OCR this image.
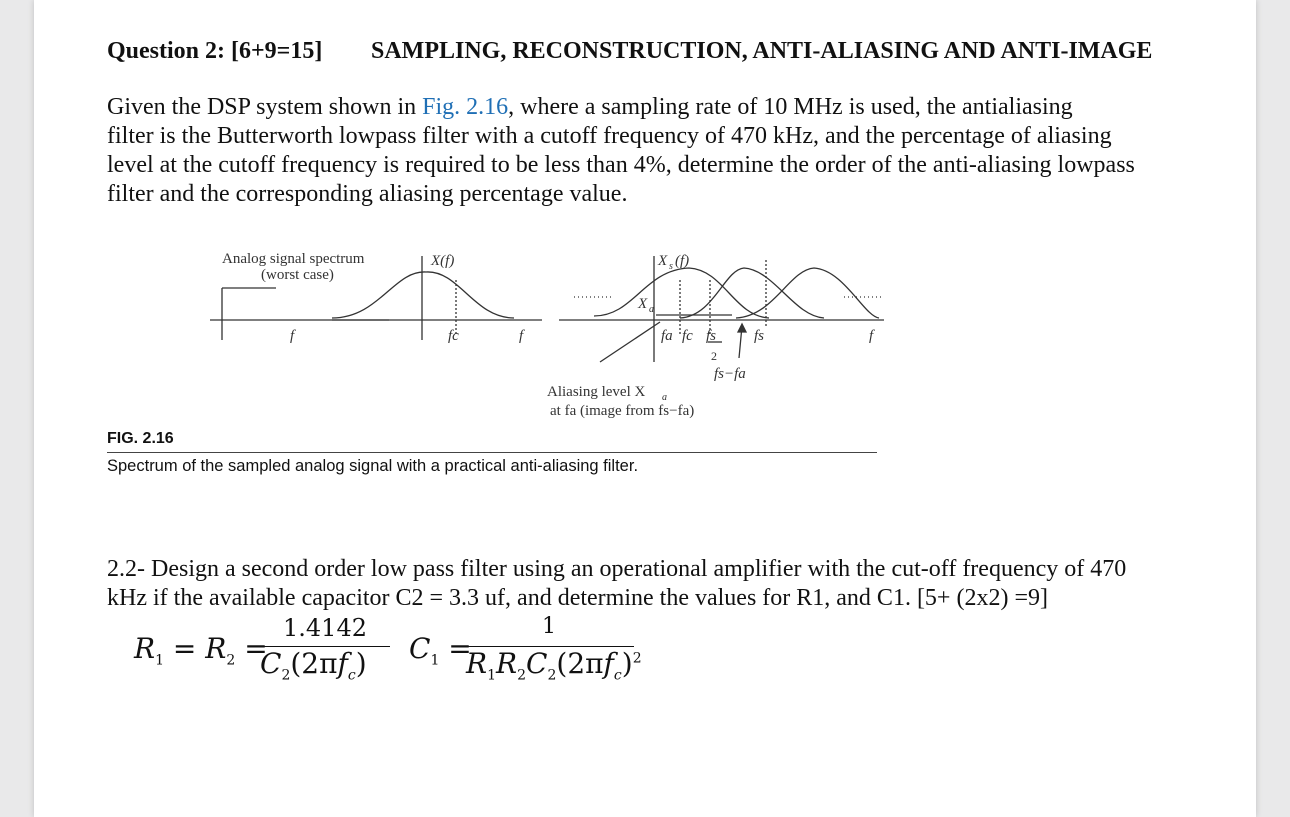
Question 2: [6+9=15] SAMPLING, RECONSTRUCTION, ANTI-ALIASING AND ANTI-IMAGE
Given the DSP system shown in Fig. 2.16, where a sampling rate of 10 MHz is used, the antialiasing
filter is the Butterworth lowpass filter with a cutoff frequency of 470 kHz, and the percentage of aliasing
level at the cutoff frequency is required to be less than 4%, determine the order of the anti-aliasing lowpass
filter and the corresponding aliasing percentage value.
Analog signal spectrum
(worst case)
X(f)	X s (f)
f	fc	f
X a
fa fc fs
2
fs	f
fs−fa
Aliasing level X a
at fa (image from fs−fa)
FIG. 2.16
Spectrum of the sampled analog signal with a practical anti-aliasing filter.
2.2- Design a second order low pass filter using an operational amplifier with the cut-off frequency of 470
kHz if the available capacitor C2 = 3.3 uf, and determine the values for R1, and C1. [5+ (2x2) =9]
$R_1 = R_2$ =
1.4142
$C_2(2\pi f_c) C_1$ =
1
$R_1R_2C_2(2\pi f_c)^2$
